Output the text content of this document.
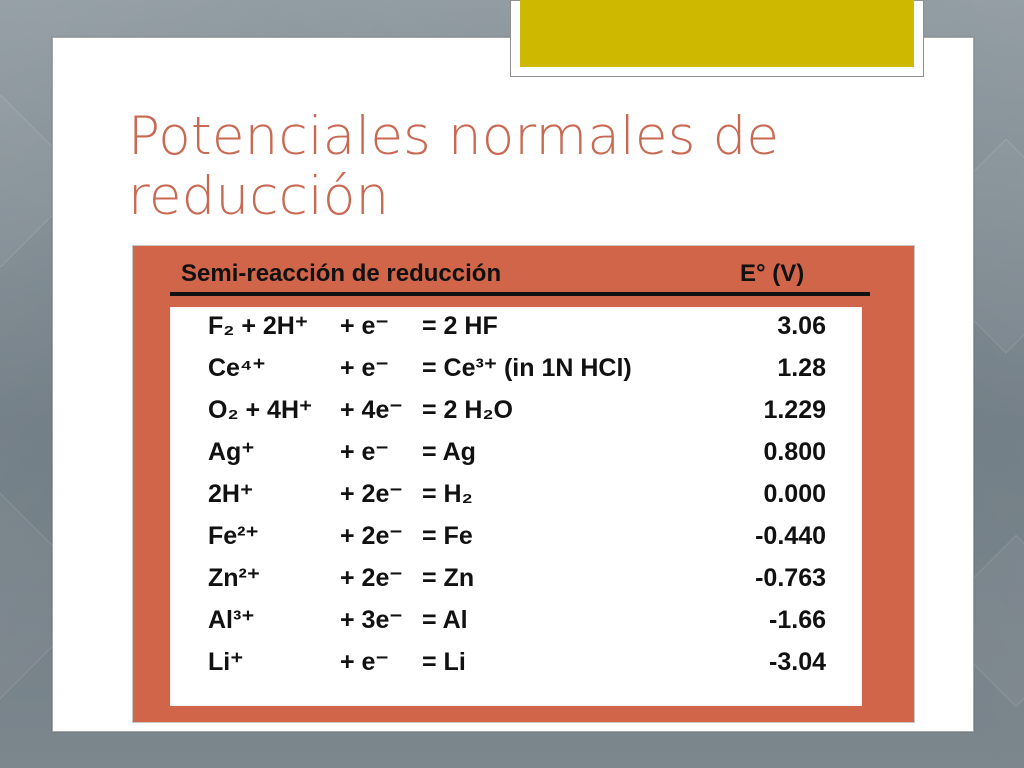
Potenciales normales de reducción
Semi-reacción de reducción	E° (V)
F₂ + 2H⁺ + e⁻ = 2 HF	3.06
Ce⁴⁺	+ e⁻ = Ce³⁺ (in 1N HCl)	1.28
O₂ + 4H⁺ + 4e⁻ = 2 H₂O	1.229
Ag⁺	+ e⁻ = Ag	0.800
2H⁺	+ 2e⁻ = H₂	0.000
Fe²⁺	+ 2e⁻ = Fe	-0.440
Zn²⁺	+ 2e⁻ = Zn	-0.763
Al³⁺	+ 3e⁻ = Al	-1.66
Li⁺	+ e⁻ = Li	-3.04
